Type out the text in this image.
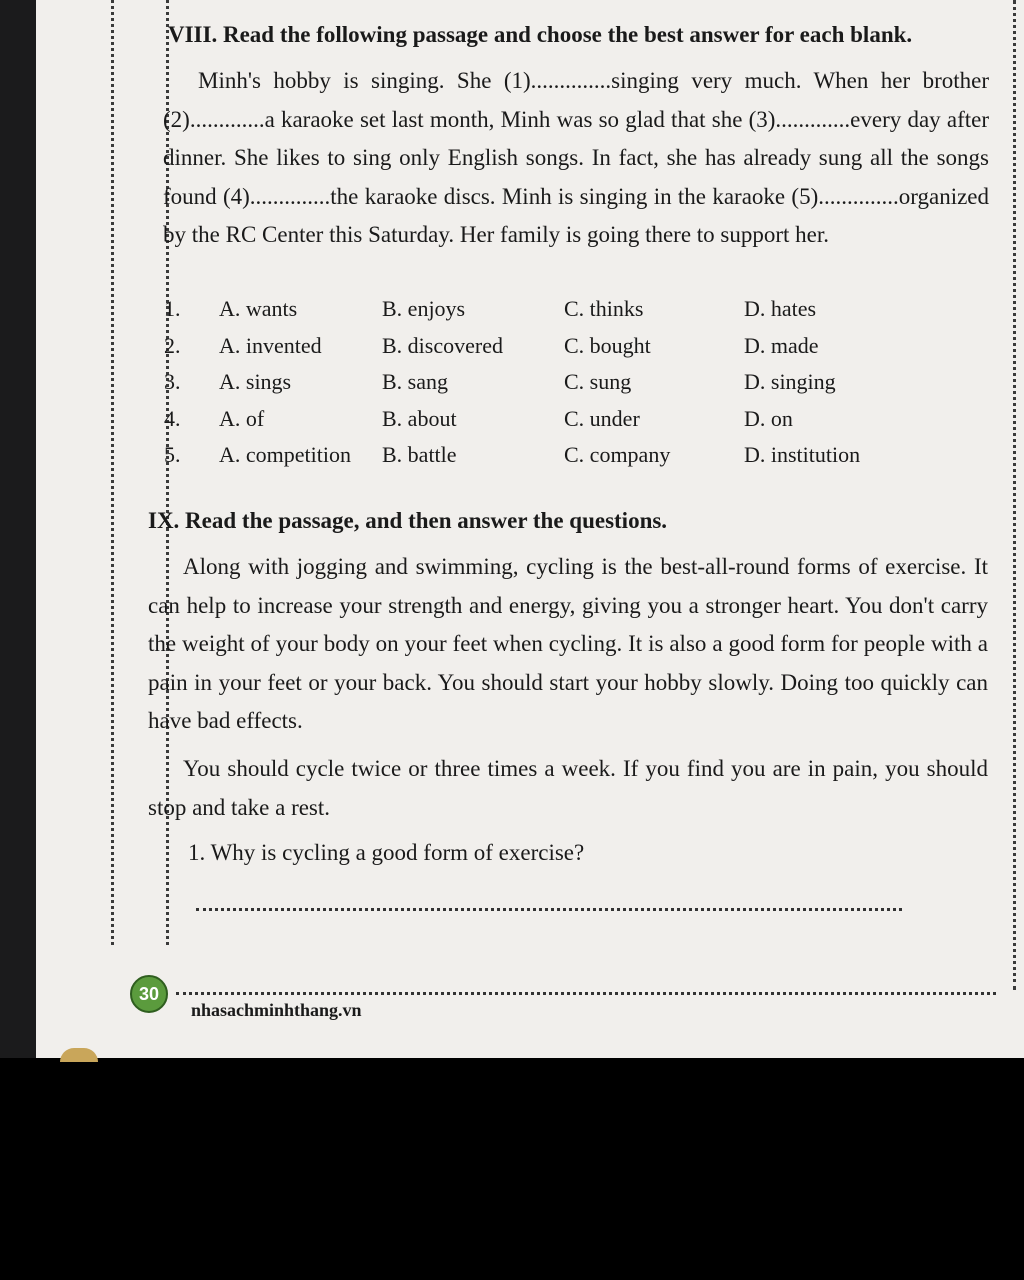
VIII. Read the following passage and choose the best answer for each blank.

Minh's hobby is singing. She (1)..............singing very much. When her brother (2).............a karaoke set last month, Minh was so glad that she (3).............every day after dinner. She likes to sing only English songs. In fact, she has already sung all the songs found (4)..............the karaoke discs. Minh is singing in the karaoke (5)..............organized by the RC Center this Saturday. Her family is going there to support her.

1. A. wants	B. enjoys	C. thinks	D. hates
2. A. invented	B. discovered	C. bought	D. made
3. A. sings	B. sang	C. sung	D. singing
4. A. of	B. about	C. under	D. on
5. A. competition B. battle	C. company	D. institution
IX. Read the passage, and then answer the questions.

Along with jogging and swimming, cycling is the best-all-round forms of exercise. It can help to increase your strength and energy, giving you a stronger heart. You don't carry the weight of your body on your feet when cycling. It is also a good form for people with a pain in your feet or your back. You should start your hobby slowly. Doing too quickly can have bad effects.

You should cycle twice or three times a week. If you find you are in pain, you should stop and take a rest.

1. Why is cycling a good form of exercise?
30
nhasachminhthang.vn
